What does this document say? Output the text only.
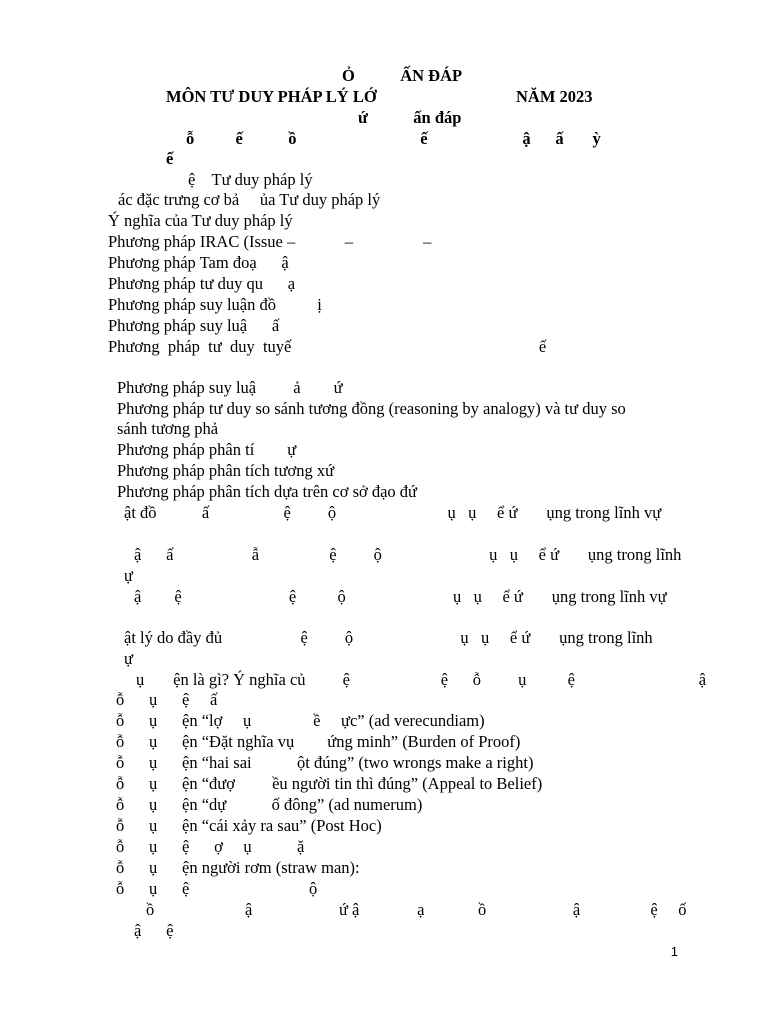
Ỏ           ẤN ĐÁP
MÔN TƯ DUY PHÁP LÝ LỚ	NĂM 2023
ứ           ấn đáp
ỗ          ế           ồ                              ế                       ậ      ấ       ỳ
ế
ệ    Tư duy pháp lý
ác đặc trưng cơ bả     ủa Tư duy pháp lý
Ý nghĩa của Tư duy pháp lý
Phương pháp IRAC (Issue –            –                 –
Phương pháp Tam đoạ      ậ
Phương pháp tư duy qu      ạ
Phương pháp suy luận đồ          ị
Phương pháp suy luậ      ấ
Phương  pháp  tư  duy  tuyế                                                            ế
Phương pháp suy luậ         ả        ứ
Phương pháp tư duy so sánh tương đồng (reasoning by analogy) và tư duy so
sánh tương phả
Phương pháp phân tí        ự
Phương pháp phân tích tương xứ
Phương pháp phân tích dựa trên cơ sở đạo đứ
ật đồ           ấ                  ệ         ộ                           ụ   ụ     ể ứ       ụng trong lĩnh vự
ậ      ấ                   ẫ                 ệ         ộ                          ụ   ụ     ể ứ       ụng trong lĩnh
ự
ậ        ệ                          ệ          ộ                          ụ   ụ     ể ứ       ụng trong lĩnh vự
ật lý do đầy đủ                   ệ         ộ                          ụ   ụ     ể ứ       ụng trong lĩnh
ự
ụ       ện là gì? Ý nghĩa củ         ệ                      ệ      ỗ         ụ          ệ                              ậ
ỗ      ụ      ệ     ấ
ỗ      ụ      ện “lợ     ụ               ề     ực” (ad verecundiam)
ỗ      ụ      ện “Đặt nghĩa vụ        ứng minh” (Burden of Proof)
ỗ      ụ      ện “hai sai           ột đúng” (two wrongs make a right)
ỗ      ụ      ện “đượ         ều người tin thì đúng” (Appeal to Belief)
ỗ      ụ      ện “dự           ố đông” (ad numerum)
ỗ      ụ      ện “cái xảy ra sau” (Post Hoc)
ỗ      ụ      ệ      ợ     ụ           ặ
ỗ      ụ      ện người rơm (straw man):
ỗ      ụ      ệ                             ộ
ồ                      ậ                     ứ ậ              ạ             ồ                     ậ                 ệ     ố
ậ      ệ
1
